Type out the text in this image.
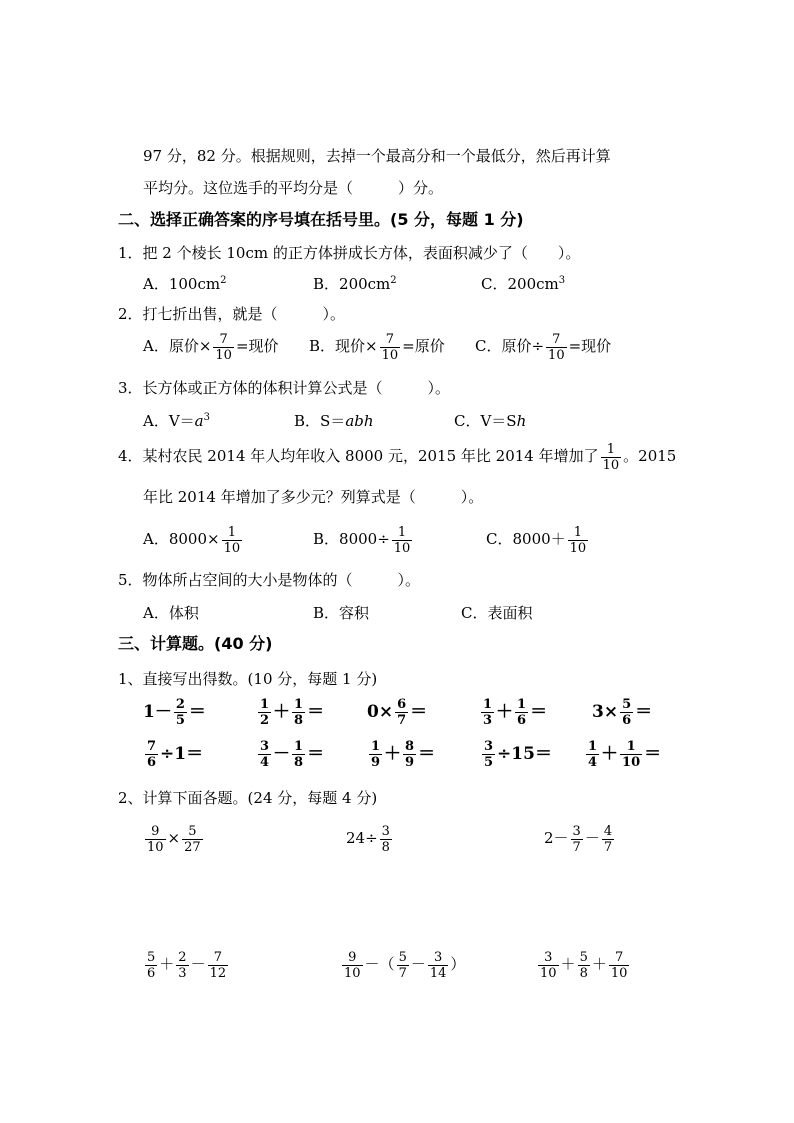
97 分，82 分。根据规则，去掉一个最高分和一个最低分，然后再计算
平均分。这位选手的平均分是（　　　）分。
二、选择正确答案的序号填在括号里。(5 分，每题 1 分)
1．把 2 个棱长 10cm 的正方体拼成长方体，表面积减少了（　　）。
A．$100cm^2$	B．$200cm^2$	C．$200cm^3$
2．打七折出售，就是（　　　）。
A．原价× $\frac{7}{10}$ =现价 B．现价× $\frac{7}{10}$ =原价 C．原价÷ $\frac{7}{10}$ =现价
3．长方体或正方体的体积计算公式是（　　　）。
A．$V=a^3$	B．S＝abh	C．V＝Sh
4．某村农民 2014 年人均年收入 8000 元，2015 年比 2014 年增加了 $\frac{1}{10}$ 。2015
年比 2014 年增加了多少元？列算式是（　　　）。
A．$8000\times \frac{1}{10}$	B．$8000\div \frac{1}{10}$	C．$8000+ \frac{1}{10}$
5．物体所占空间的大小是物体的（　　　）。
A．体积	B．容积	C．表面积
三、计算题。(40 分)
1、直接写出得数。(10 分，每题 1 分)
$1- \frac{2}{5}$ ＝	$\frac{1}{2} + \frac{1}{8}$ ＝	$0\times \frac{6}{7}$ ＝	$\frac{1}{3} + \frac{1}{6}$ ＝	$3\times \frac{5}{6}$ ＝
$\frac{7}{6} \div 1=$	$\frac{3}{4} - \frac{1}{8}$ ＝	$\frac{1}{9} + \frac{8}{9}$ ＝	$\frac{3}{5} \div 15=$	$\frac{1}{4} + \frac{1}{10}$ ＝
2、计算下面各题。(24 分，每题 4 分)
$\frac{9}{10} \times \frac{5}{27}$	$24\div \frac{3}{8}$	$2- \frac{3}{7} - \frac{4}{7}$
$\frac{5}{6} + \frac{2}{3} - \frac{7}{12}$	$\frac{9}{10}$ －（ $\frac{5}{7} - \frac{3}{14}$ ）	$\frac{3}{10} + \frac{5}{8} + \frac{7}{10}$
